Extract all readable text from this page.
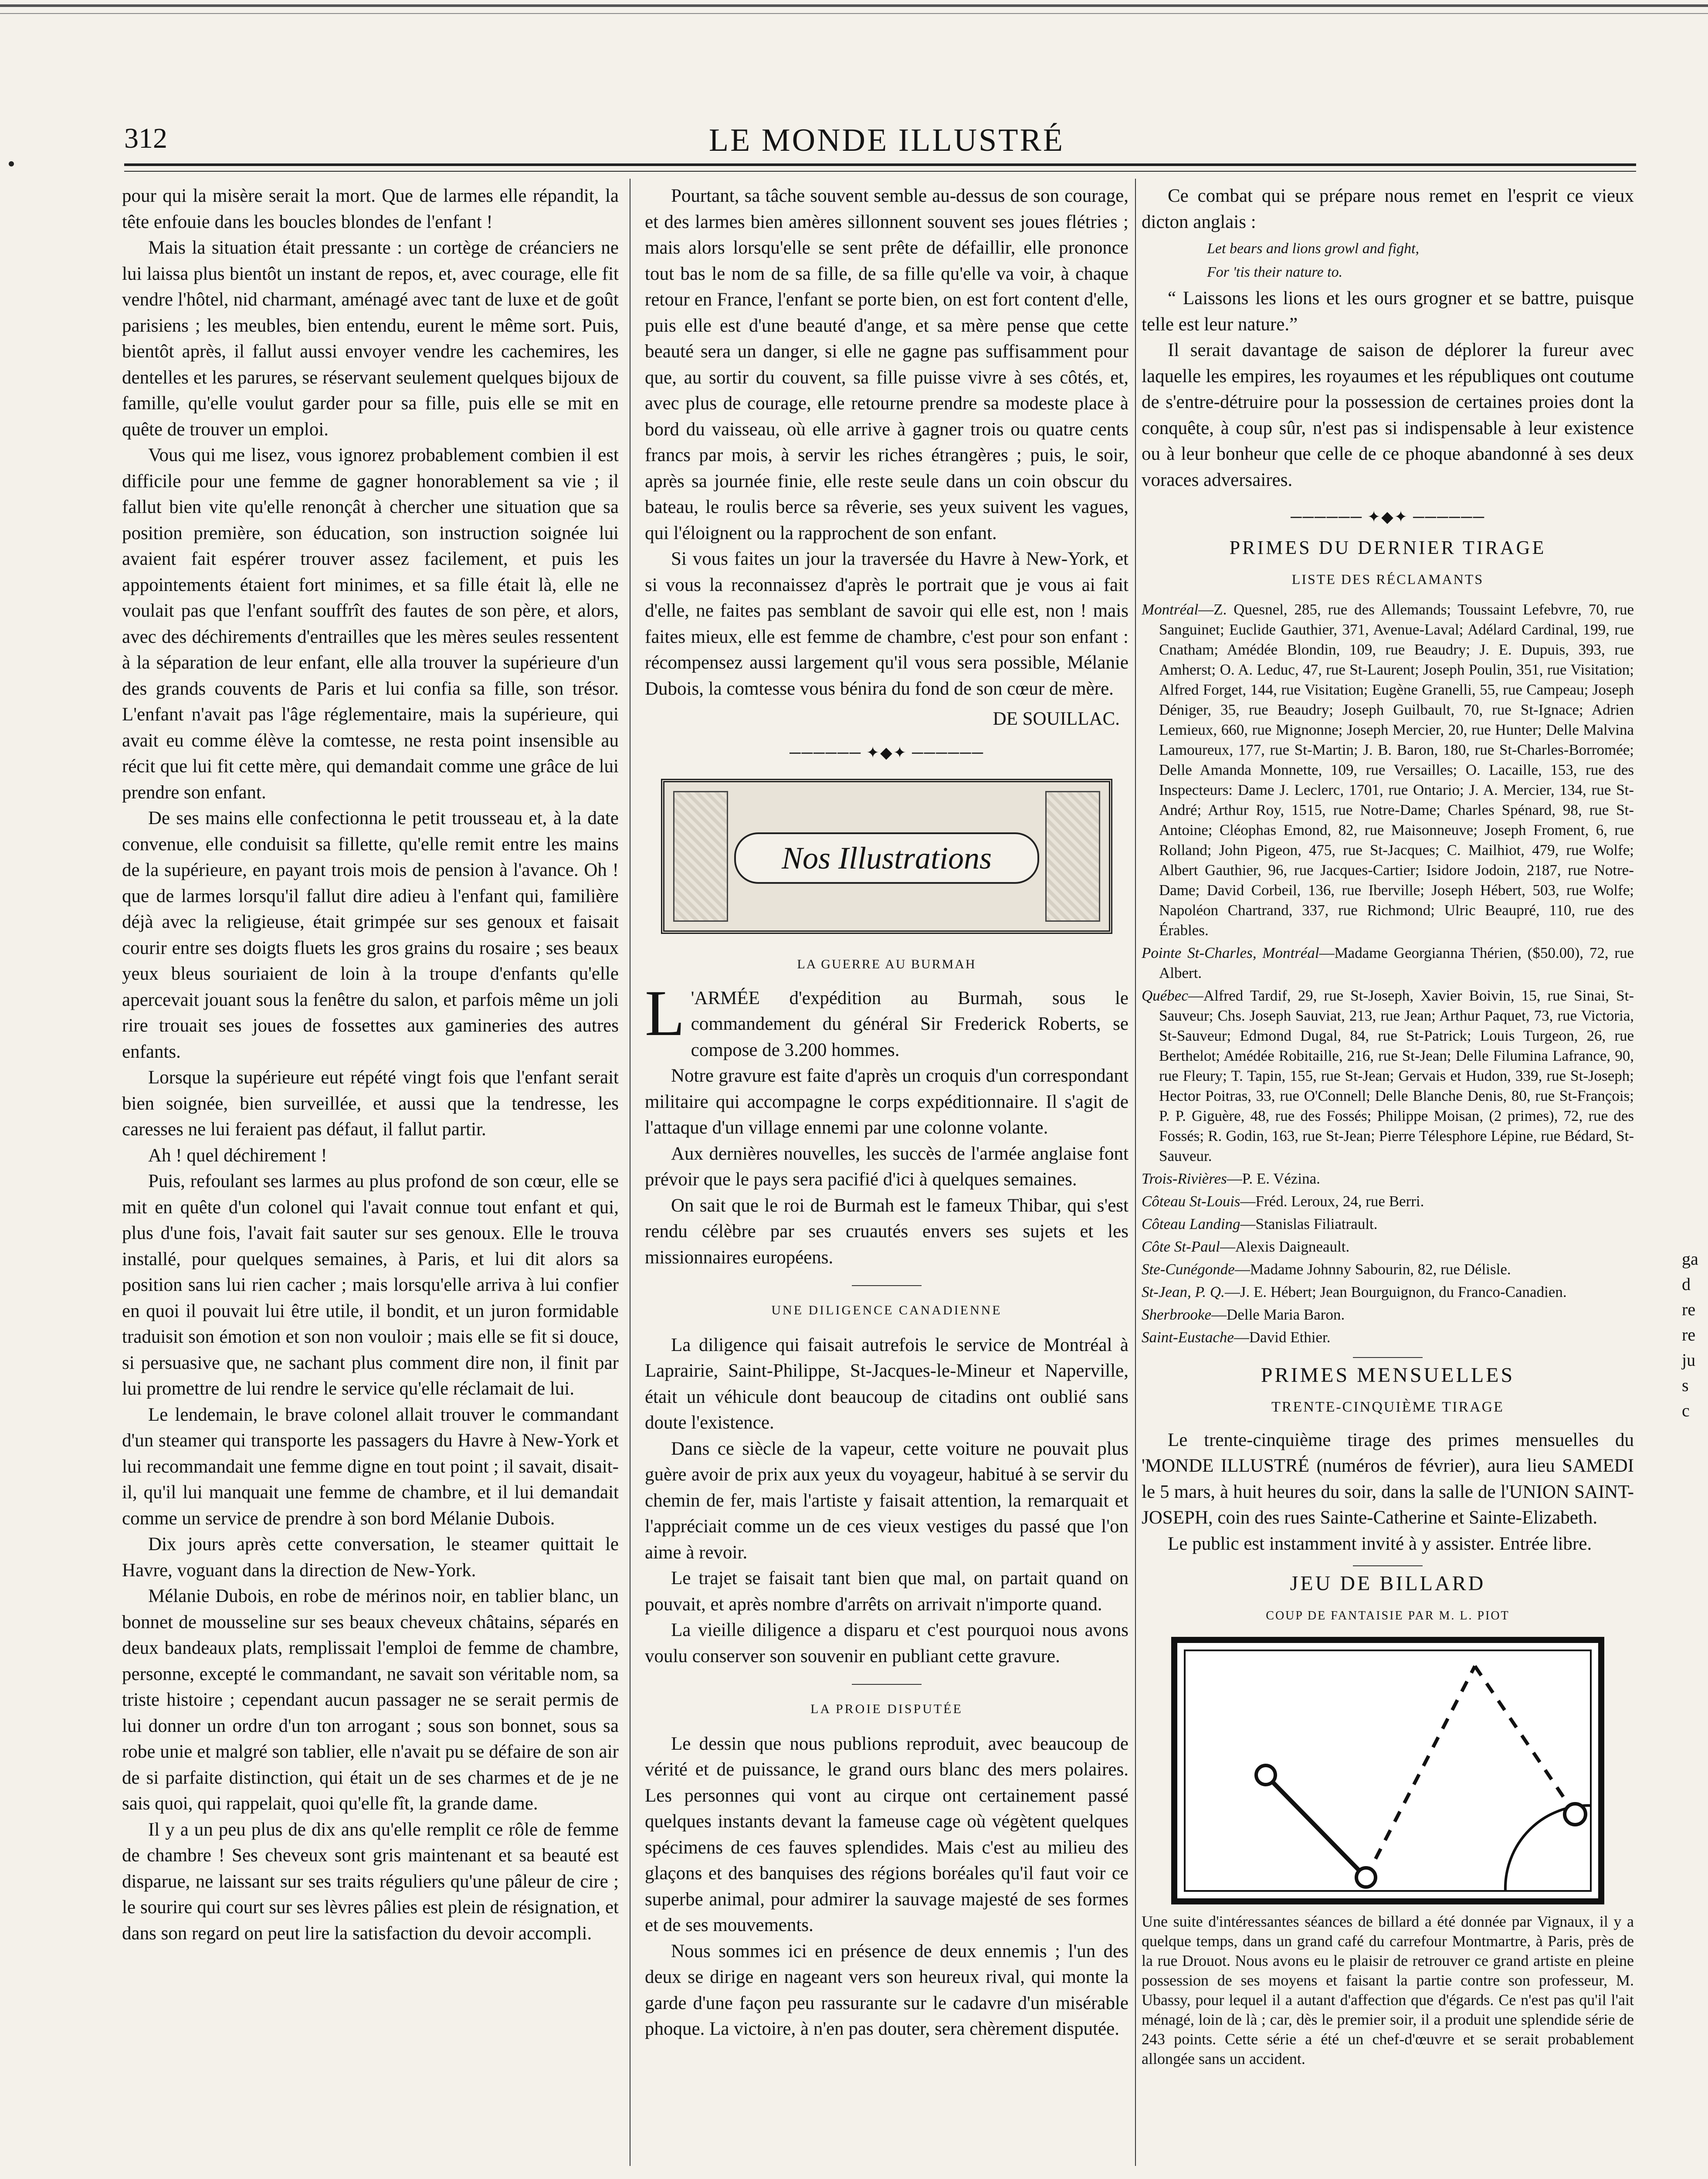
312	LE MONDE ILLUSTRÉ

pour qui la misère serait la mort. Que de larmes elle répandit, la tête enfouie dans les boucles blondes de l'enfant !

Mais la situation était pressante : un cortège de créanciers ne lui laissa plus bientôt un instant de repos, et, avec courage, elle fit vendre l'hôtel, nid charmant, aménagé avec tant de luxe et de goût parisiens ; les meubles, bien entendu, eurent le même sort. Puis, bientôt après, il fallut aussi envoyer vendre les cachemires, les dentelles et les parures, se réservant seulement quelques bijoux de famille, qu'elle voulut garder pour sa fille, puis elle se mit en quête de trouver un emploi.

Vous qui me lisez, vous ignorez probablement combien il est difficile pour une femme de gagner honorablement sa vie ; il fallut bien vite qu'elle renonçât à chercher une situation que sa position première, son éducation, son instruction soignée lui avaient fait espérer trouver assez facilement, et puis les appointements étaient fort minimes, et sa fille était là, elle ne voulait pas que l'enfant souffrît des fautes de son père, et alors, avec des déchirements d'entrailles que les mères seules ressentent à la séparation de leur enfant, elle alla trouver la supérieure d'un des grands couvents de Paris et lui confia sa fille, son trésor. L'enfant n'avait pas l'âge réglementaire, mais la supérieure, qui avait eu comme élève la comtesse, ne resta point insensible au récit que lui fit cette mère, qui demandait comme une grâce de lui prendre son enfant.

De ses mains elle confectionna le petit trousseau et, à la date convenue, elle conduisit sa fillette, qu'elle remit entre les mains de la supérieure, en payant trois mois de pension à l'avance. Oh ! que de larmes lorsqu'il fallut dire adieu à l'enfant qui, familière déjà avec la religieuse, était grimpée sur ses genoux et faisait courir entre ses doigts fluets les gros grains du rosaire ; ses beaux yeux bleus souriaient de loin à la troupe d'enfants qu'elle apercevait jouant sous la fenêtre du salon, et parfois même un joli rire trouait ses joues de fossettes aux gamineries des autres enfants.

Lorsque la supérieure eut répété vingt fois que l'enfant serait bien soignée, bien surveillée, et aussi que la tendresse, les caresses ne lui feraient pas défaut, il fallut partir.

Ah ! quel déchirement !

Puis, refoulant ses larmes au plus profond de son cœur, elle se mit en quête d'un colonel qui l'avait connue tout enfant et qui, plus d'une fois, l'avait fait sauter sur ses genoux. Elle le trouva installé, pour quelques semaines, à Paris, et lui dit alors sa position sans lui rien cacher ; mais lorsqu'elle arriva à lui confier en quoi il pouvait lui être utile, il bondit, et un juron formidable traduisit son émotion et son non vouloir ; mais elle se fit si douce, si persuasive que, ne sachant plus comment dire non, il finit par lui promettre de lui rendre le service qu'elle réclamait de lui.

Le lendemain, le brave colonel allait trouver le commandant d'un steamer qui transporte les passagers du Havre à New-York et lui recommandait une femme digne en tout point ; il savait, disait-il, qu'il lui manquait une femme de chambre, et il lui demandait comme un service de prendre à son bord Mélanie Dubois.

Dix jours après cette conversation, le steamer quittait le Havre, voguant dans la direction de New-York.

Mélanie Dubois, en robe de mérinos noir, en tablier blanc, un bonnet de mousseline sur ses beaux cheveux châtains, séparés en deux bandeaux plats, remplissait l'emploi de femme de chambre, personne, excepté le commandant, ne savait son véritable nom, sa triste histoire ; cependant aucun passager ne se serait permis de lui donner un ordre d'un ton arrogant ; sous son bonnet, sous sa robe unie et malgré son tablier, elle n'avait pu se défaire de son air de si parfaite distinction, qui était un de ses charmes et de je ne sais quoi, qui rappelait, quoi qu'elle fît, la grande dame.

Il y a un peu plus de dix ans qu'elle remplit ce rôle de femme de chambre ! Ses cheveux sont gris maintenant et sa beauté est disparue, ne laissant sur ses traits réguliers qu'une pâleur de cire ; le sourire qui court sur ses lèvres pâlies est plein de résignation, et dans son regard on peut lire la satisfaction du devoir accompli.

Pourtant, sa tâche souvent semble au-dessus de son courage, et des larmes bien amères sillonnent souvent ses joues flétries ; mais alors lorsqu'elle se sent prête de défaillir, elle prononce tout bas le nom de sa fille, de sa fille qu'elle va voir, à chaque retour en France, l'enfant se porte bien, on est fort content d'elle, puis elle est d'une beauté d'ange, et sa mère pense que cette beauté sera un danger, si elle ne gagne pas suffisamment pour que, au sortir du couvent, sa fille puisse vivre à ses côtés, et, avec plus de courage, elle retourne prendre sa modeste place à bord du vaisseau, où elle arrive à gagner trois ou quatre cents francs par mois, à servir les riches étrangères ; puis, le soir, après sa journée finie, elle reste seule dans un coin obscur du bateau, le roulis berce sa rêverie, ses yeux suivent les vagues, qui l'éloignent ou la rapprochent de son enfant.

Si vous faites un jour la traversée du Havre à New-York, et si vous la reconnaissez d'après le portrait que je vous ai fait d'elle, ne faites pas semblant de savoir qui elle est, non ! mais faites mieux, elle est femme de chambre, c'est pour son enfant : récompensez aussi largement qu'il vous sera possible, Mélanie Dubois, la comtesse vous bénira du fond de son cœur de mère.

DE SOUILLAC.
────── ✦◆✦ ──────
Nos Illustrations
LA GUERRE AU BURMAH

L 'ARMÉE d'expédition au Burmah, sous le commandement du général Sir Frederick Roberts, se compose de 3.200 hommes.

Notre gravure est faite d'après un croquis d'un correspondant militaire qui accompagne le corps expéditionnaire. Il s'agit de l'attaque d'un village ennemi par une colonne volante.

Aux dernières nouvelles, les succès de l'armée anglaise font prévoir que le pays sera pacifié d'ici à quelques semaines.

On sait que le roi de Burmah est le fameux Thibar, qui s'est rendu célèbre par ses cruautés envers ses sujets et les missionnaires européens.

UNE DILIGENCE CANADIENNE

La diligence qui faisait autrefois le service de Montréal à Laprairie, Saint-Philippe, St-Jacques-le-Mineur et Naperville, était un véhicule dont beaucoup de citadins ont oublié sans doute l'existence.

Dans ce siècle de la vapeur, cette voiture ne pouvait plus guère avoir de prix aux yeux du voyageur, habitué à se servir du chemin de fer, mais l'artiste y faisait attention, la remarquait et l'appréciait comme un de ces vieux vestiges du passé que l'on aime à revoir.

Le trajet se faisait tant bien que mal, on partait quand on pouvait, et après nombre d'arrêts on arrivait n'importe quand.

La vieille diligence a disparu et c'est pourquoi nous avons voulu conserver son souvenir en publiant cette gravure.

LA PROIE DISPUTÉE

Le dessin que nous publions reproduit, avec beaucoup de vérité et de puissance, le grand ours blanc des mers polaires. Les personnes qui vont au cirque ont certainement passé quelques instants devant la fameuse cage où végètent quelques spécimens de ces fauves splendides. Mais c'est au milieu des glaçons et des banquises des régions boréales qu'il faut voir ce superbe animal, pour admirer la sauvage majesté de ses formes et de ses mouvements.

Nous sommes ici en présence de deux ennemis ; l'un des deux se dirige en nageant vers son heureux rival, qui monte la garde d'une façon peu rassurante sur le cadavre d'un misérable phoque. La victoire, à n'en pas douter, sera chèrement disputée.

Ce combat qui se prépare nous remet en l'esprit ce vieux dicton anglais :

Let bears and lions growl and fight,
For 'tis their nature to.

“ Laissons les lions et les ours grogner et se battre, puisque telle est leur nature.”

Il serait davantage de saison de déplorer la fureur avec laquelle les empires, les royaumes et les républiques ont coutume de s'entre-détruire pour la possession de certaines proies dont la conquête, à coup sûr, n'est pas si indispensable à leur existence ou à leur bonheur que celle de ce phoque abandonné à ses deux voraces adversaires.

────── ✦◆✦ ──────
PRIMES DU DERNIER TIRAGE
LISTE DES RÉCLAMANTS

Montréal—Z. Quesnel, 285, rue des Allemands; Toussaint Lefebvre, 70, rue Sanguinet; Euclide Gauthier, 371, Avenue-Laval; Adélard Cardinal, 199, rue Cnatham; Amédée Blondin, 109, rue Beaudry; J. E. Dupuis, 393, rue Amherst; O. A. Leduc, 47, rue St-Laurent; Joseph Poulin, 351, rue Visitation; Alfred Forget, 144, rue Visitation; Eugène Granelli, 55, rue Campeau; Joseph Déniger, 35, rue Beaudry; Joseph Guilbault, 70, rue St-Ignace; Adrien Lemieux, 660, rue Mignonne; Joseph Mercier, 20, rue Hunter; Delle Malvina Lamoureux, 177, rue St-Martin; J. B. Baron, 180, rue St-Charles-Borromée; Delle Amanda Monnette, 109, rue Versailles; O. Lacaille, 153, rue des Inspecteurs: Dame J. Leclerc, 1701, rue Ontario; J. A. Mercier, 134, rue St-André; Arthur Roy, 1515, rue Notre-Dame; Charles Spénard, 98, rue St-Antoine; Cléophas Emond, 82, rue Maisonneuve; Joseph Froment, 6, rue Rolland; John Pigeon, 475, rue St-Jacques; C. Mailhiot, 479, rue Wolfe; Albert Gauthier, 96, rue Jacques-Cartier; Isidore Jodoin, 2187, rue Notre-Dame; David Corbeil, 136, rue Iberville; Joseph Hébert, 503, rue Wolfe; Napoléon Chartrand, 337, rue Richmond; Ulric Beaupré, 110, rue des Érables.

Pointe St-Charles, Montréal—Madame Georgianna Thérien, ($50.00), 72, rue Albert.

Québec—Alfred Tardif, 29, rue St-Joseph, Xavier Boivin, 15, rue Sinai, St-Sauveur; Chs. Joseph Sauviat, 213, rue Jean; Arthur Paquet, 73, rue Victoria, St-Sauveur; Edmond Dugal, 84, rue St-Patrick; Louis Turgeon, 26, rue Berthelot; Amédée Robitaille, 216, rue St-Jean; Delle Filumina Lafrance, 90, rue Fleury; T. Tapin, 155, rue St-Jean; Gervais et Hudon, 339, rue St-Joseph; Hector Poitras, 33, rue O'Connell; Delle Blanche Denis, 80, rue St-François; P. P. Giguère, 48, rue des Fossés; Philippe Moisan, (2 primes), 72, rue des Fossés; R. Godin, 163, rue St-Jean; Pierre Télesphore Lépine, rue Bédard, St-Sauveur.

Trois-Rivières—P. E. Vézina.

Côteau St-Louis—Fréd. Leroux, 24, rue Berri.

Côteau Landing—Stanislas Filiatrault.

Côte St-Paul—Alexis Daigneault.

Ste-Cunégonde—Madame Johnny Sabourin, 82, rue Délisle.

St-Jean, P. Q.—J. E. Hébert; Jean Bourguignon, du Franco-Canadien.

Sherbrooke—Delle Maria Baron.

Saint-Eustache—David Ethier.

PRIMES MENSUELLES
TRENTE-CINQUIÈME TIRAGE

Le trente-cinquième tirage des primes mensuelles du 'MONDE ILLUSTRÉ (numéros de février), aura lieu SAMEDI le 5 mars, à huit heures du soir, dans la salle de l'UNION SAINT-JOSEPH, coin des rues Sainte-Catherine et Sainte-Elizabeth.

Le public est instamment invité à y assister. Entrée libre.

JEU DE BILLARD
COUP DE FANTAISIE PAR M. L. PIOT
Une suite d'intéressantes séances de billard a été donnée par Vignaux, il y a quelque temps, dans un grand café du carrefour Montmartre, à Paris, près de la rue Drouot. Nous avons eu le plaisir de retrouver ce grand artiste en pleine possession de ses moyens et faisant la partie contre son professeur, M. Ubassy, pour lequel il a autant d'affection que d'égards. Ce n'est pas qu'il l'ait ménagé, loin de là ; car, dès le premier soir, il a produit une splendide série de 243 points. Cette série a été un chef-d'œuvre et se serait probablement allongée sans un accident.
ga
d
re
re
ju
s
c
